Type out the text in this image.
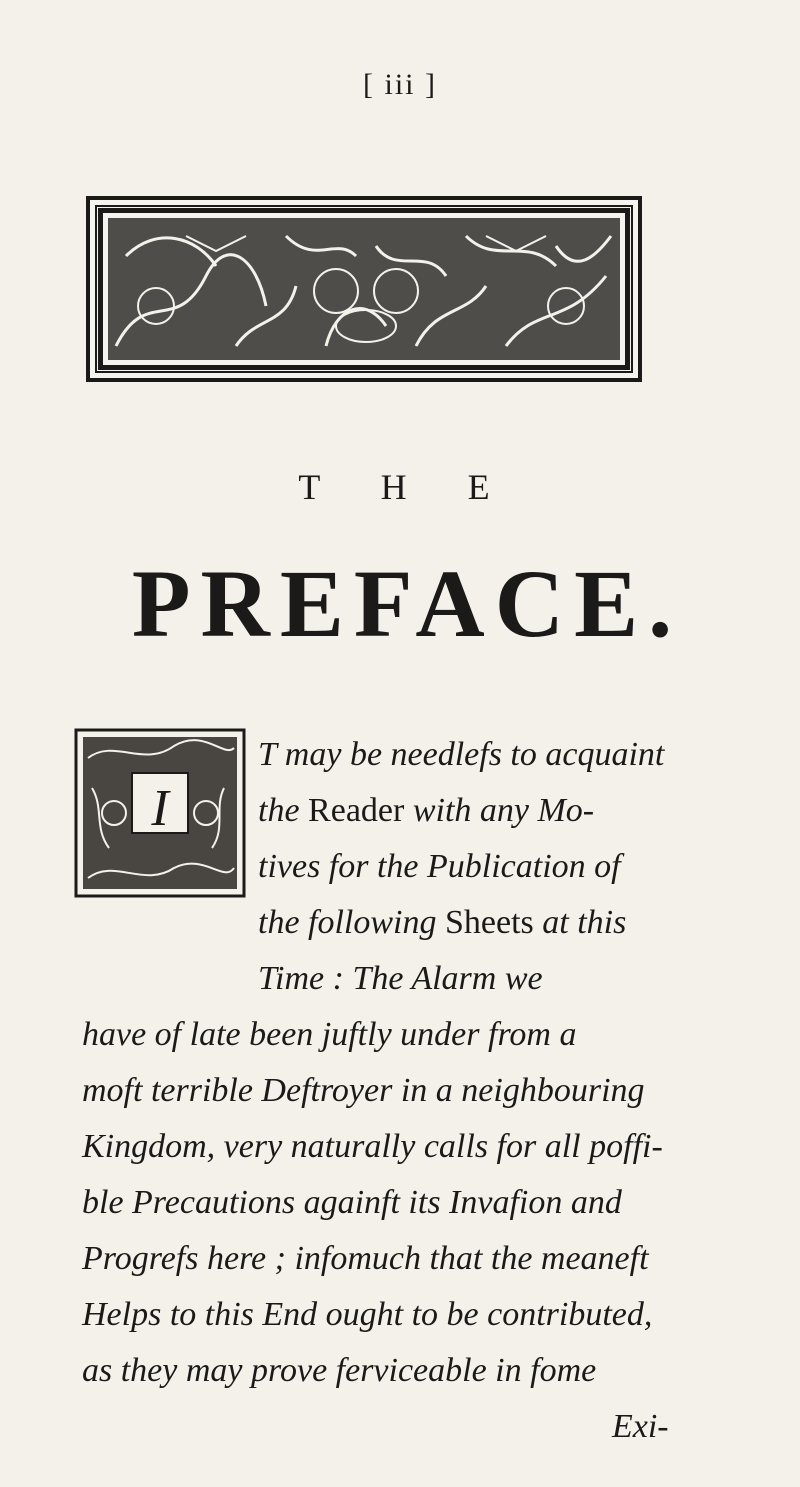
[ iii ]
T H E
PREFACE.
I
T may be needlefs to acquaint
the Reader with any Mo-
tives for the Publication of
the following Sheets at this
Time : The Alarm we
have of late been juftly under from a
moft terrible Deftroyer in a neighbouring
Kingdom, very naturally calls for all poffi-
ble Precautions againft its Invafion and
Progrefs here ; infomuch that the meaneft
Helps to this End ought to be contributed,
as they may prove ferviceable in fome
Exi-
